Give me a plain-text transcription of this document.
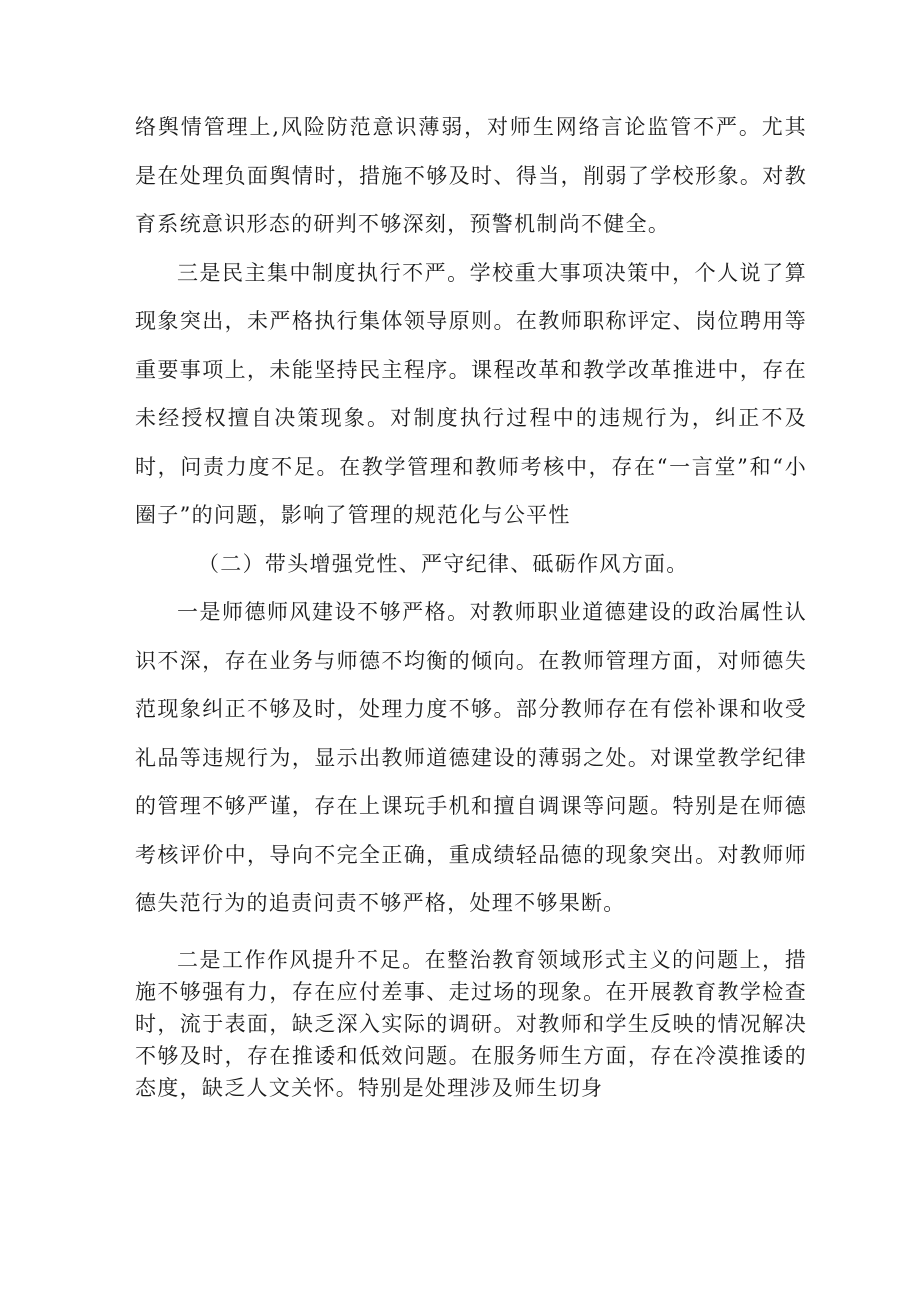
络舆情管理上,风险防范意识薄弱，对师生网络言论监管不严。尤其是在处理负面舆情时，措施不够及时、得当，削弱了学校形象。对教育系统意识形态的研判不够深刻，预警机制尚不健全。

三是民主集中制度执行不严。学校重大事项决策中，个人说了算现象突出，未严格执行集体领导原则。在教师职称评定、岗位聘用等重要事项上，未能坚持民主程序。课程改革和教学改革推进中，存在未经授权擅自决策现象。对制度执行过程中的违规行为，纠正不及时，问责力度不足。在教学管理和教师考核中，存在“一言堂”和“小圈子”的问题，影响了管理的规范化与公平性

（二）带头增强党性、严守纪律、砥砺作风方面。

一是师德师风建设不够严格。对教师职业道德建设的政治属性认识不深，存在业务与师德不均衡的倾向。在教师管理方面，对师德失范现象纠正不够及时，处理力度不够。部分教师存在有偿补课和收受礼品等违规行为，显示出教师道德建设的薄弱之处。对课堂教学纪律的管理不够严谨，存在上课玩手机和擅自调课等问题。特别是在师德考核评价中，导向不完全正确，重成绩轻品德的现象突出。对教师师德失范行为的追责问责不够严格，处理不够果断。

二是工作作风提升不足。在整治教育领域形式主义的问题上，措施不够强有力，存在应付差事、走过场的现象。在开展教育教学检查时，流于表面，缺乏深入实际的调研。对教师和学生反映的情况解决不够及时，存在推诿和低效问题。在服务师生方面，存在冷漠推诿的态度，缺乏人文关怀。特别是处理涉及师生切身
